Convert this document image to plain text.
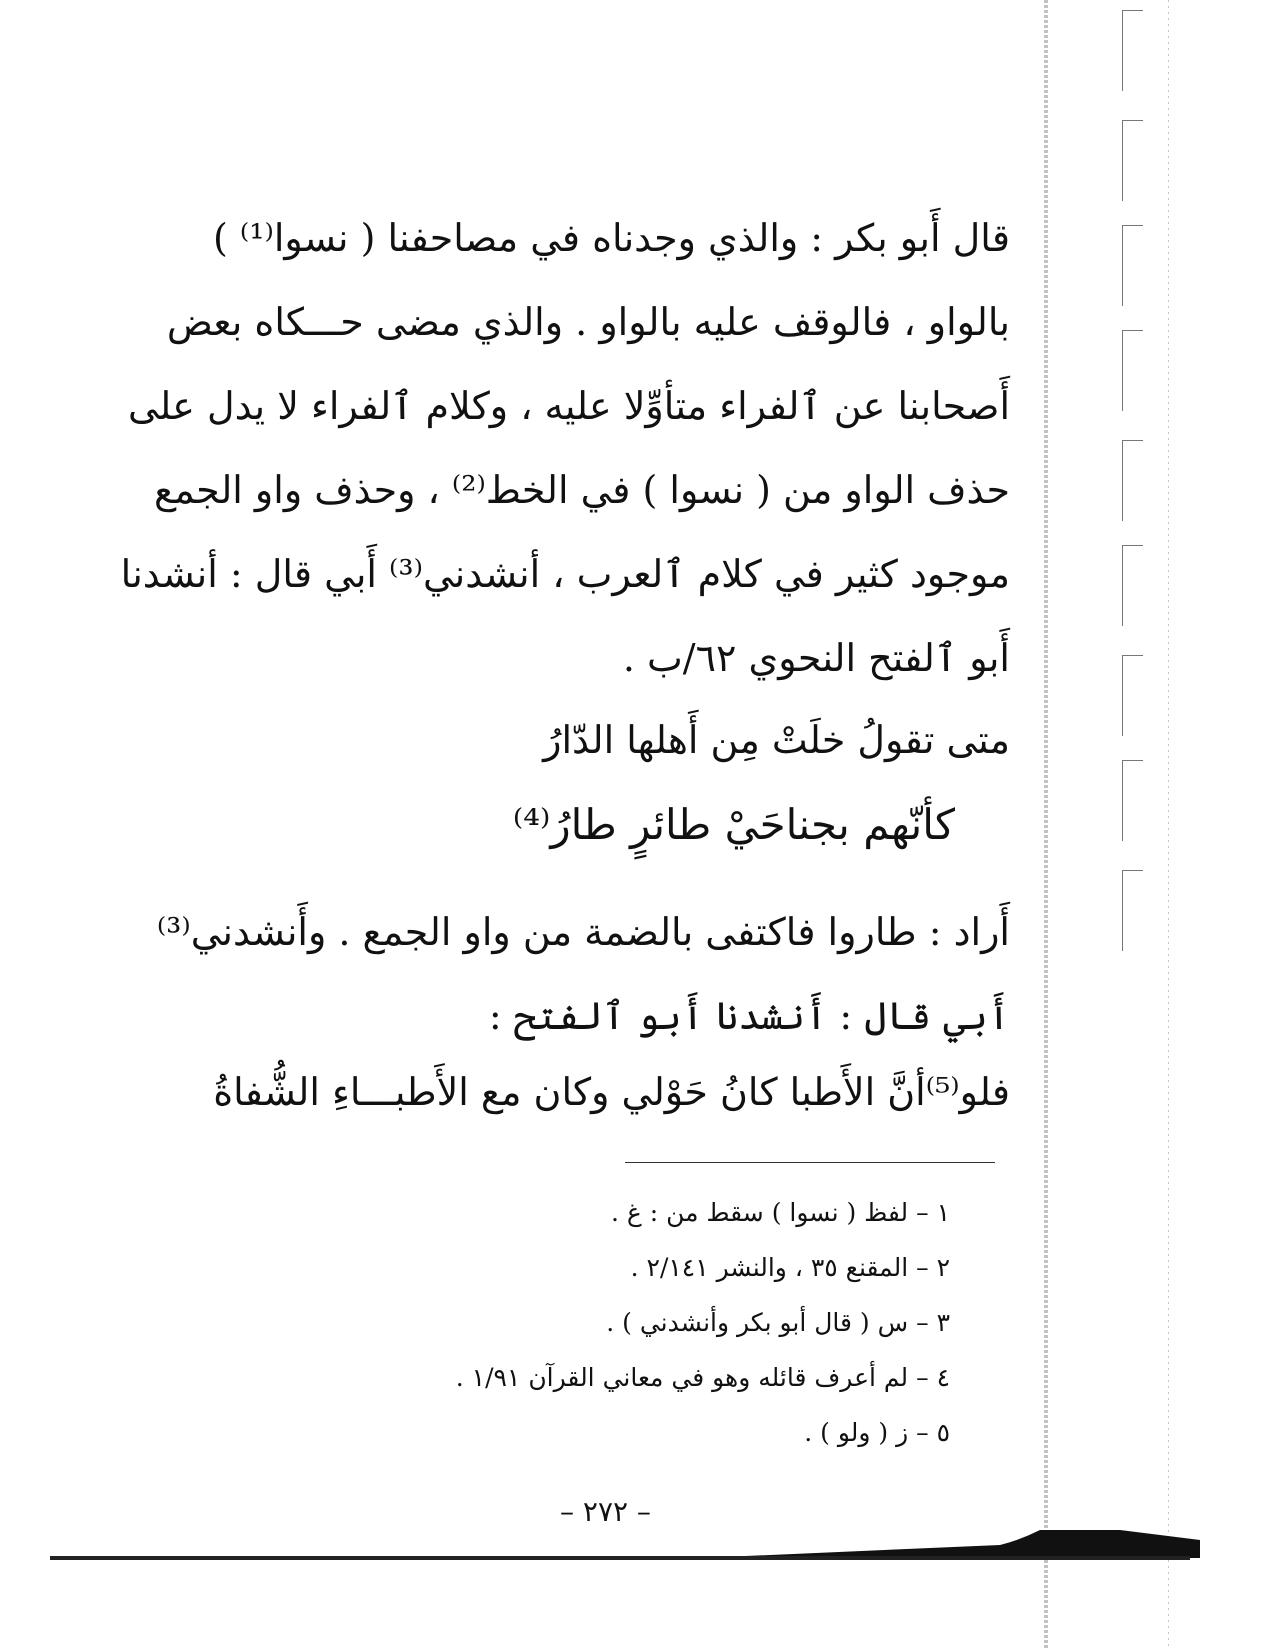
قال أَبو بكر : والذي وجدناه في مصاحفنا ( نسوا⁽¹⁾ )
بالواو ، فالوقف عليه بالواو . والذي مضى حـــكاه بعض
أَصحابنا عن ٱلفراء متأوِّلا عليه ، وكلام ٱلفراء لا يدل على
حذف الواو من ( نسوا ) في الخط⁽²⁾ ، وحذف واو الجمع
موجود كثير في كلام ٱلعرب ، أنشدني⁽³⁾ أَبي قال : أنشدنا
أَبو ٱلفتح النحوي ٦٢/ب .
متى تقولُ خلَتْ مِن أَهلها الدّارُ
كأنّهم بجناحَيْ طائرٍ طارُ⁽⁴⁾
أَراد : طاروا فاكتفى بالضمة من واو الجمع . وأَنشدني⁽³⁾
أَبي قال : أَنشدنا أَبو ٱلفتح :
فلو⁽⁵⁾أنَّ الأَطبا كانُ حَوْلي وكان مع الأَطبـــاءِ الشُّفاةُ
١ – لفظ ( نسوا ) سقط من : غ .
٢ – المقنع ٣٥ ، والنشر ٢/١٤١ .
٣ – س ( قال أبو بكر وأنشدني ) .
٤ – لم أعرف قائله وهو في معاني القرآن ١/٩١ .
٥ – ز ( ولو ) .
– ٢٧٢ –
